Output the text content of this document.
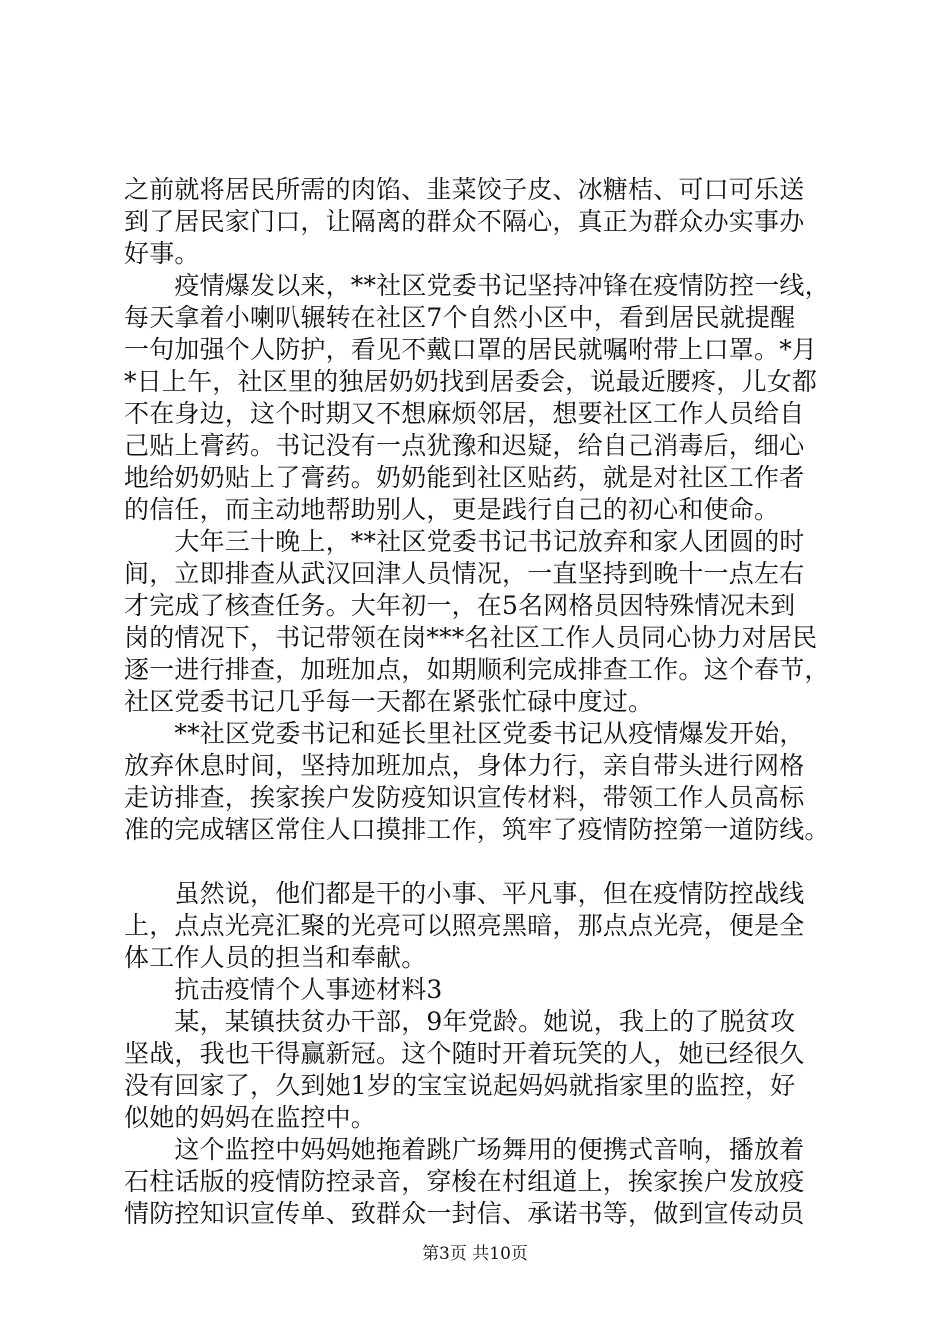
之前就将居民所需的肉馅、韭菜饺子皮、冰糖桔、可口可乐送

到了居民家门口，让隔离的群众不隔心，真正为群众办实事办

好事。

　　疫情爆发以来，**社区党委书记坚持冲锋在疫情防控一线，

每天拿着小喇叭辗转在社区7个自然小区中，看到居民就提醒

一句加强个人防护，看见不戴口罩的居民就嘱咐带上口罩。*月

*日上午，社区里的独居奶奶找到居委会，说最近腰疼，儿女都

不在身边，这个时期又不想麻烦邻居，想要社区工作人员给自

己贴上膏药。书记没有一点犹豫和迟疑，给自己消毒后，细心

地给奶奶贴上了膏药。奶奶能到社区贴药，就是对社区工作者

的信任，而主动地帮助别人，更是践行自己的初心和使命。

　　大年三十晚上，**社区党委书记书记放弃和家人团圆的时

间，立即排查从武汉回津人员情况，一直坚持到晚十一点左右

才完成了核查任务。大年初一，在5名网格员因特殊情况未到

岗的情况下，书记带领在岗***名社区工作人员同心协力对居民

逐一进行排查，加班加点，如期顺利完成排查工作。这个春节，

社区党委书记几乎每一天都在紧张忙碌中度过。

　　**社区党委书记和延长里社区党委书记从疫情爆发开始，

放弃休息时间，坚持加班加点，身体力行，亲自带头进行网格

走访排查，挨家挨户发防疫知识宣传材料，带领工作人员高标

准的完成辖区常住人口摸排工作，筑牢了疫情防控第一道防线。

　　虽然说，他们都是干的小事、平凡事，但在疫情防控战线

上，点点光亮汇聚的光亮可以照亮黑暗，那点点光亮，便是全

体工作人员的担当和奉献。

　　抗击疫情个人事迹材料3

　　某，某镇扶贫办干部，9年党龄。她说，我上的了脱贫攻

坚战，我也干得赢新冠。这个随时开着玩笑的人，她已经很久

没有回家了，久到她1岁的宝宝说起妈妈就指家里的监控，好

似她的妈妈在监控中。

　　这个监控中妈妈她拖着跳广场舞用的便携式音响，播放着

石柱话版的疫情防控录音，穿梭在村组道上，挨家挨户发放疫

情防控知识宣传单、致群众一封信、承诺书等，做到宣传动员

第3页 共10页
